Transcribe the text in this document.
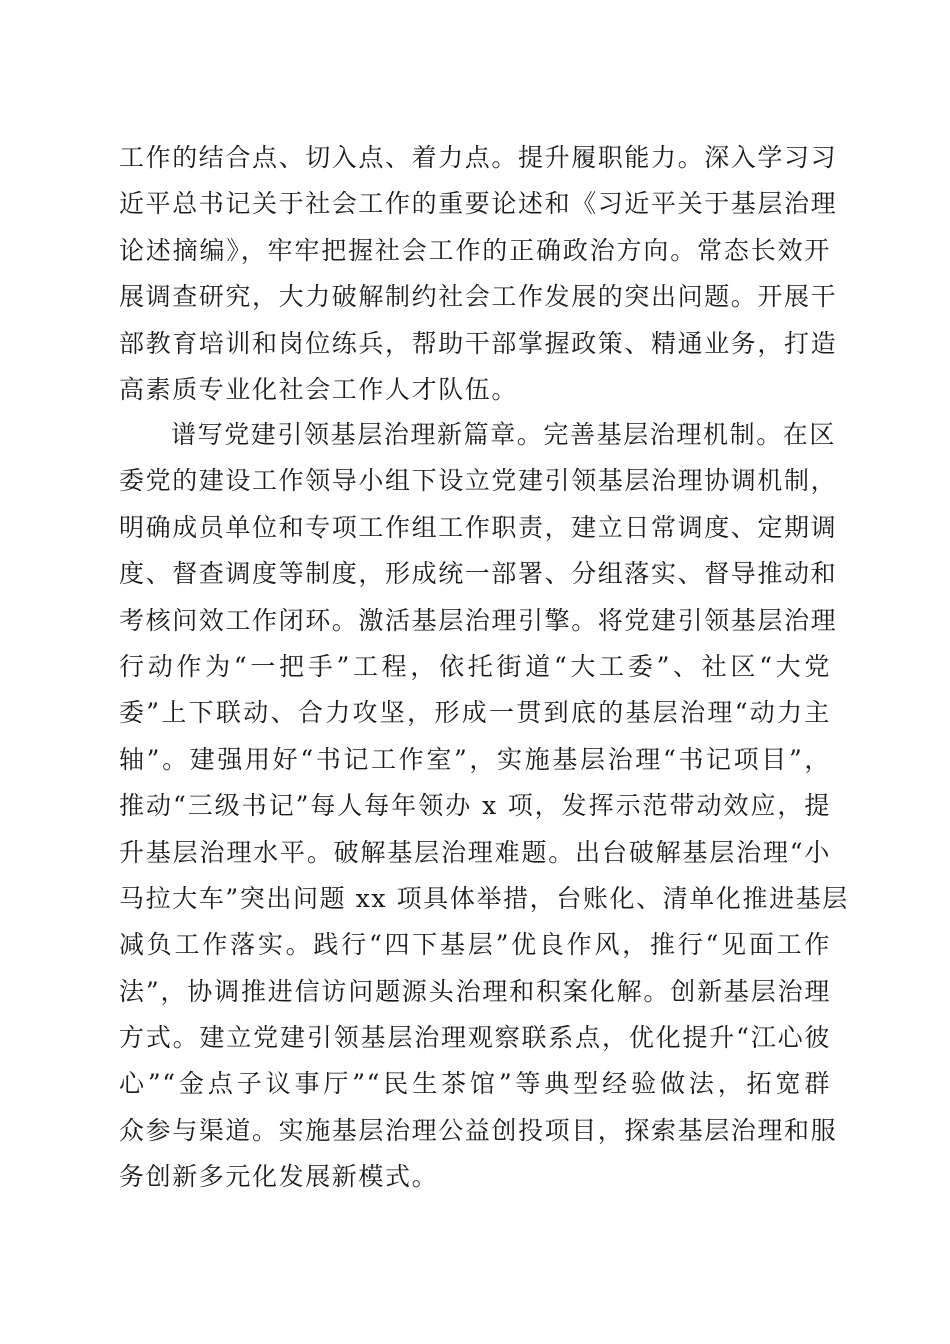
工作的结合点、切入点、着力点。提升履职能力。深入学习习
近平总书记关于社会工作的重要论述和《习近平关于基层治理
论述摘编》，牢牢把握社会工作的正确政治方向。常态长效开
展调查研究，大力破解制约社会工作发展的突出问题。开展干
部教育培训和岗位练兵，帮助干部掌握政策、精通业务，打造
高素质专业化社会工作人才队伍。
谱写党建引领基层治理新篇章。完善基层治理机制。在区
委党的建设工作领导小组下设立党建引领基层治理协调机制，
明确成员单位和专项工作组工作职责，建立日常调度、定期调
度、督查调度等制度，形成统一部署、分组落实、督导推动和
考核问效工作闭环。激活基层治理引擎。将党建引领基层治理
行动作为“一把手”工程，依托街道“大工委”、社区“大党
委”上下联动、合力攻坚，形成一贯到底的基层治理“动力主
轴”。建强用好“书记工作室”，实施基层治理“书记项目”，
推动“三级书记”每人每年领办 x 项，发挥示范带动效应，提
升基层治理水平。破解基层治理难题。出台破解基层治理“小
马拉大车”突出问题 xx 项具体举措，台账化、清单化推进基层
减负工作落实。践行“四下基层”优良作风，推行“见面工作
法”，协调推进信访问题源头治理和积案化解。创新基层治理
方式。建立党建引领基层治理观察联系点，优化提升“江心彼
心”“金点子议事厅”“民生茶馆”等典型经验做法，拓宽群
众参与渠道。实施基层治理公益创投项目，探索基层治理和服
务创新多元化发展新模式。
